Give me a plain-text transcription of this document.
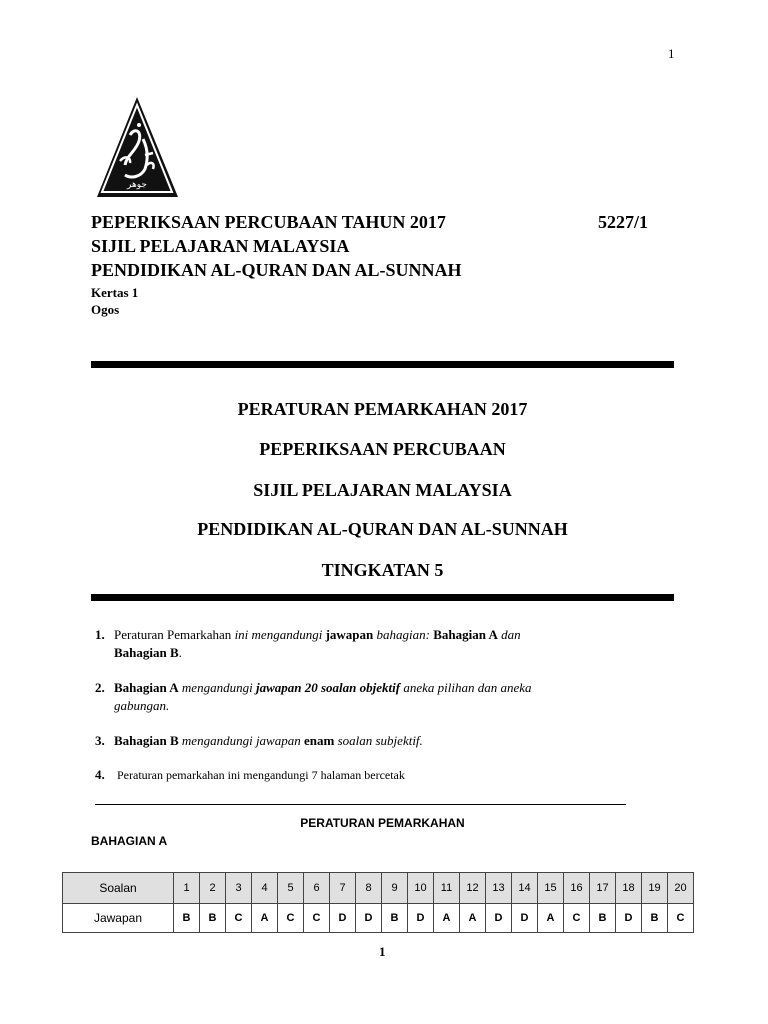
1
جوهر
PEPERIKSAAN PERCUBAAN TAHUN 2017	5227/1
SIJIL PELAJARAN MALAYSIA
PENDIDIKAN AL-QURAN DAN AL-SUNNAH
Kertas 1
Ogos
PERATURAN PEMARKAHAN 2017
PEPERIKSAAN PERCUBAAN
SIJIL PELAJARAN MALAYSIA
PENDIDIKAN AL-QURAN DAN AL-SUNNAH
TINGKATAN 5
1. Peraturan Pemarkahan ini mengandungi jawapan bahagian: Bahagian A dan
Bahagian B.
2. Bahagian A mengandungi jawapan 20 soalan objektif aneka pilihan dan aneka
gabungan.
3. Bahagian B mengandungi jawapan enam soalan subjektif.
4. Peraturan pemarkahan ini mengandungi 7 halaman bercetak
PERATURAN PEMARKAHAN
BAHAGIAN A
Soalan	1	2	3	4	5	6	7	8	9	10	11	12	13	14	15	16	17	18	19	20
Jawapan	B	B	C	A	C	C	D	D	B	D	A	A	D	D	A	C	B	D	B	C
1
